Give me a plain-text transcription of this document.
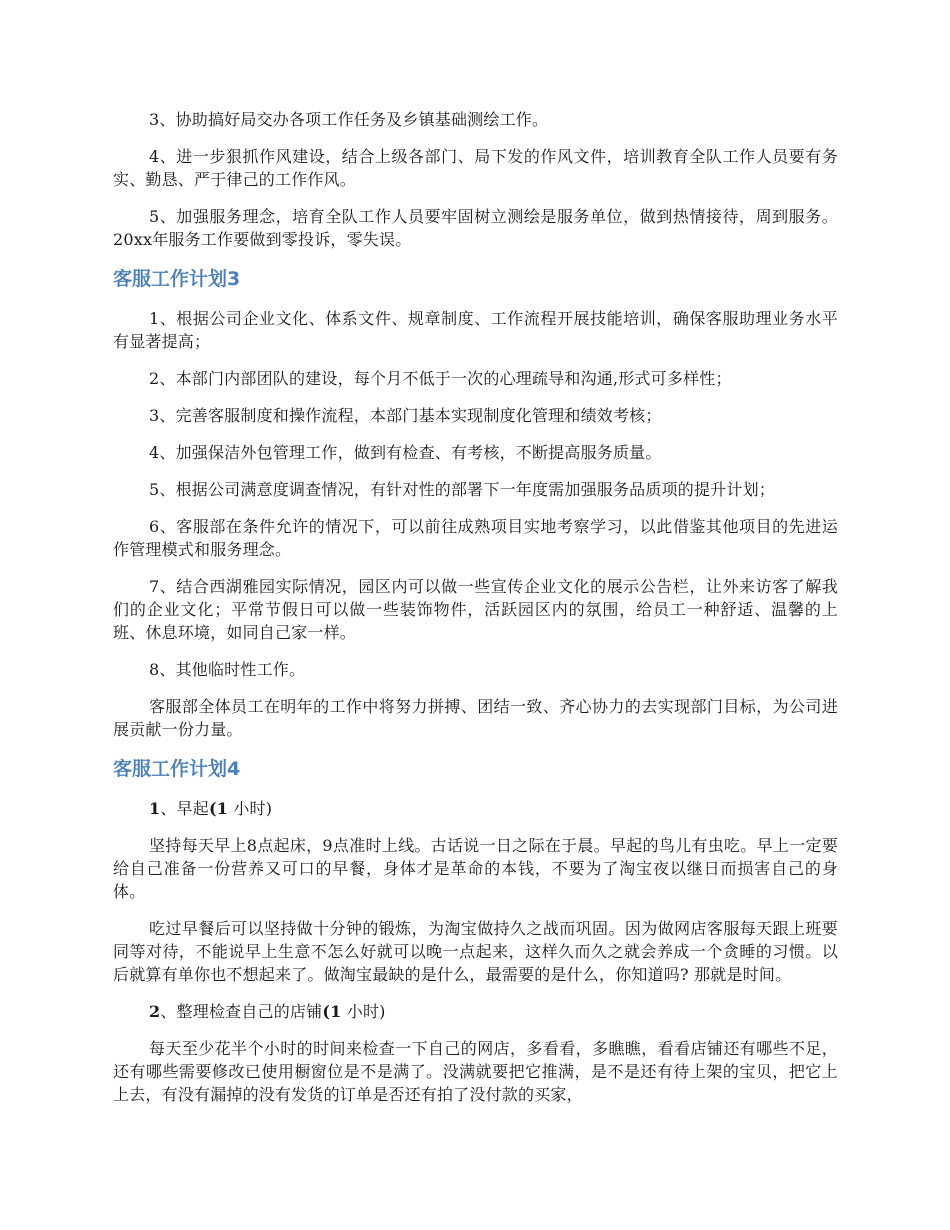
3、协助搞好局交办各项工作任务及乡镇基础测绘工作。

4、进一步狠抓作风建设，结合上级各部门、局下发的作风文件，培训教育全队工作人员要有务实、勤恳、严于律己的工作作风。

5、加强服务理念，培育全队工作人员要牢固树立测绘是服务单位，做到热情接待，周到服务。20xx年服务工作要做到零投诉，零失误。

客服工作计划3

1、根据公司企业文化、体系文件、规章制度、工作流程开展技能培训，确保客服助理业务水平有显著提高；

2、本部门内部团队的建设，每个月不低于一次的心理疏导和沟通,形式可多样性；

3、完善客服制度和操作流程，本部门基本实现制度化管理和绩效考核；

4、加强保洁外包管理工作，做到有检查、有考核，不断提高服务质量。

5、根据公司满意度调查情况，有针对性的部署下一年度需加强服务品质项的提升计划；

6、客服部在条件允许的情况下，可以前往成熟项目实地考察学习，以此借鉴其他项目的先进运作管理模式和服务理念。

7、结合西湖雅园实际情况，园区内可以做一些宣传企业文化的展示公告栏，让外来访客了解我们的企业文化；平常节假日可以做一些装饰物件，活跃园区内的氛围，给员工一种舒适、温馨的上班、休息环境，如同自己家一样。

8、其他临时性工作。

客服部全体员工在明年的工作中将努力拼搏、团结一致、齐心协力的去实现部门目标，为公司进展贡献一份力量。

客服工作计划4

1、早起(1 小时)

坚持每天早上8点起床，9点准时上线。古话说一日之际在于晨。早起的鸟儿有虫吃。早上一定要给自己准备一份营养又可口的早餐，身体才是革命的本钱，不要为了淘宝夜以继日而损害自己的身体。

吃过早餐后可以坚持做十分钟的锻炼，为淘宝做持久之战而巩固。因为做网店客服每天跟上班要同等对待，不能说早上生意不怎么好就可以晚一点起来，这样久而久之就会养成一个贪睡的习惯。以后就算有单你也不想起来了。做淘宝最缺的是什么，最需要的是什么，你知道吗? 那就是时间。

2、整理检查自己的店铺(1 小时)

每天至少花半个小时的时间来检查一下自己的网店，多看看，多瞧瞧，看看店铺还有哪些不足，还有哪些需要修改已使用橱窗位是不是满了。没满就要把它推满，是不是还有待上架的宝贝，把它上上去，有没有漏掉的没有发货的订单是否还有拍了没付款的买家，
